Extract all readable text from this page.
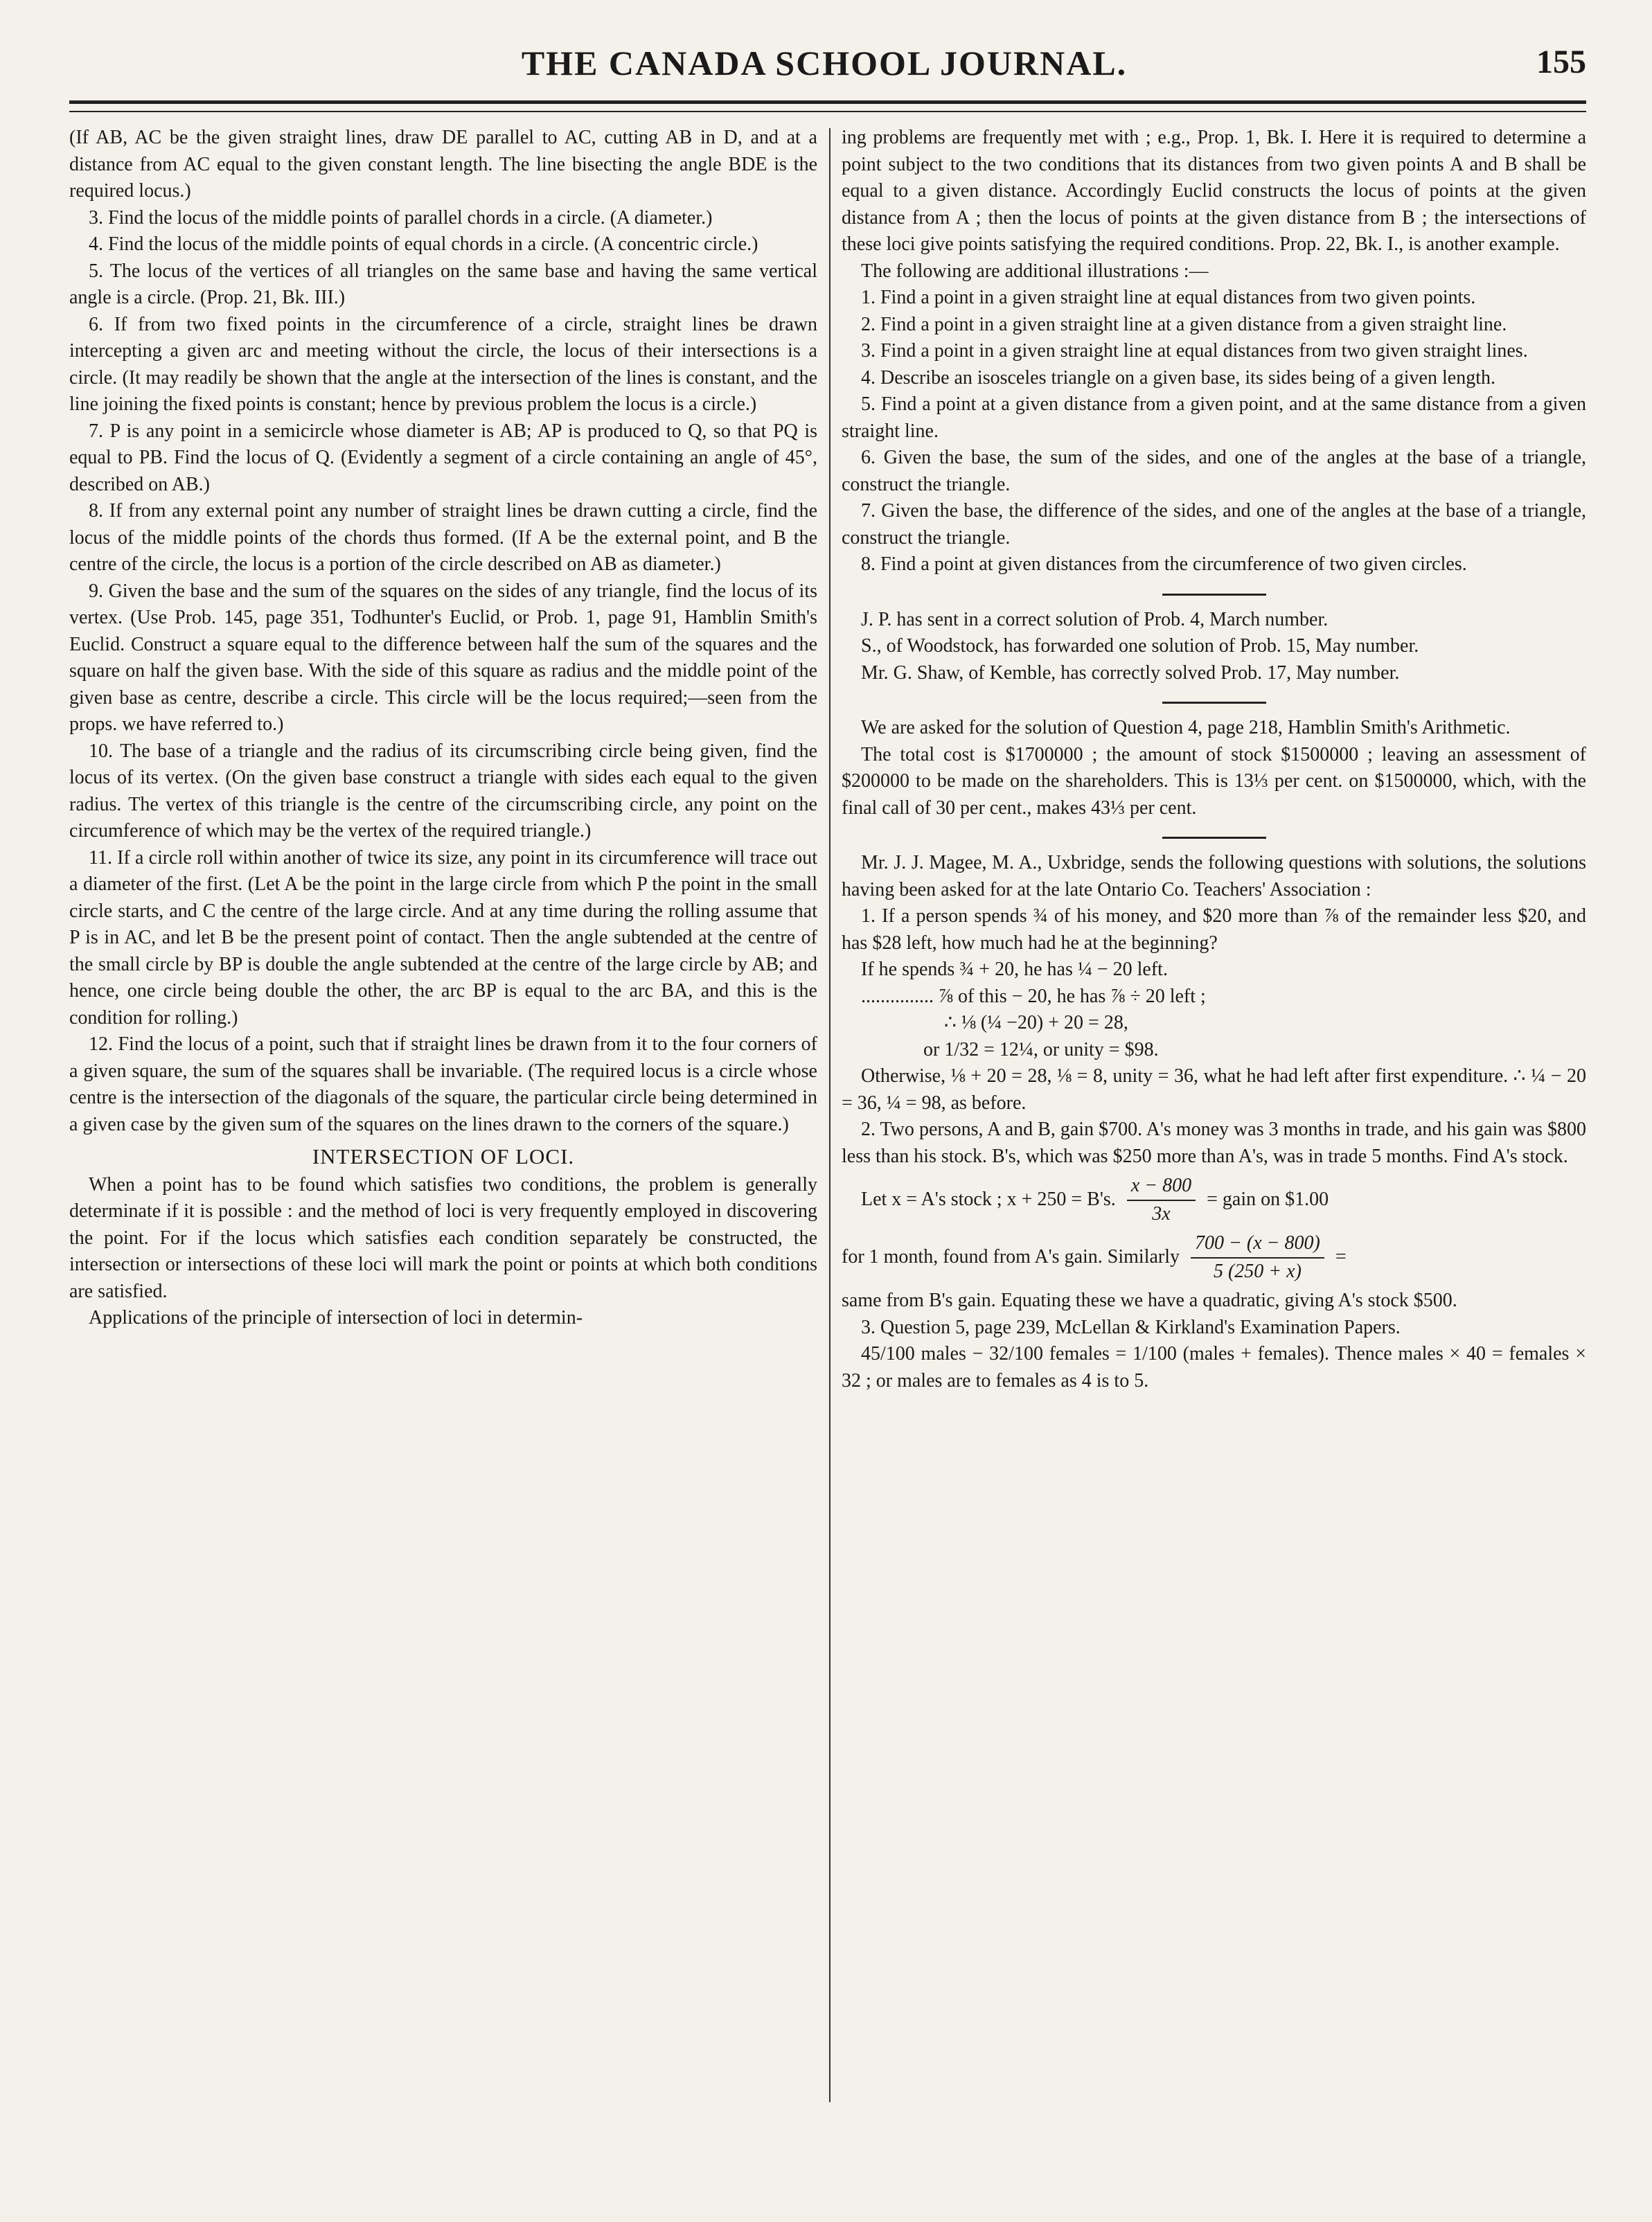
THE CANADA SCHOOL JOURNAL.	155

(If AB, AC be the given straight lines, draw DE parallel to AC, cutting AB in D, and at a distance from AC equal to the given constant length. The line bisecting the angle BDE is the required locus.)

3. Find the locus of the middle points of parallel chords in a circle. (A diameter.)

4. Find the locus of the middle points of equal chords in a circle. (A concentric circle.)

5. The locus of the vertices of all triangles on the same base and having the same vertical angle is a circle. (Prop. 21, Bk. III.)

6. If from two fixed points in the circumference of a circle, straight lines be drawn intercepting a given arc and meeting without the circle, the locus of their intersections is a circle. (It may readily be shown that the angle at the intersection of the lines is constant, and the line joining the fixed points is constant; hence by previous problem the locus is a circle.)

7. P is any point in a semicircle whose diameter is AB; AP is produced to Q, so that PQ is equal to PB. Find the locus of Q. (Evidently a segment of a circle containing an angle of 45°, described on AB.)

8. If from any external point any number of straight lines be drawn cutting a circle, find the locus of the middle points of the chords thus formed. (If A be the external point, and B the centre of the circle, the locus is a portion of the circle described on AB as diameter.)

9. Given the base and the sum of the squares on the sides of any triangle, find the locus of its vertex. (Use Prob. 145, page 351, Todhunter's Euclid, or Prob. 1, page 91, Hamblin Smith's Euclid. Construct a square equal to the difference between half the sum of the squares and the square on half the given base. With the side of this square as radius and the middle point of the given base as centre, describe a circle. This circle will be the locus required;—seen from the props. we have referred to.)

10. The base of a triangle and the radius of its circumscribing circle being given, find the locus of its vertex. (On the given base construct a triangle with sides each equal to the given radius. The vertex of this triangle is the centre of the circumscribing circle, any point on the circumference of which may be the vertex of the required triangle.)

11. If a circle roll within another of twice its size, any point in its circumference will trace out a diameter of the first. (Let A be the point in the large circle from which P the point in the small circle starts, and C the centre of the large circle. And at any time during the rolling assume that P is in AC, and let B be the present point of contact. Then the angle subtended at the centre of the small circle by BP is double the angle subtended at the centre of the large circle by AB; and hence, one circle being double the other, the arc BP is equal to the arc BA, and this is the condition for rolling.)

12. Find the locus of a point, such that if straight lines be drawn from it to the four corners of a given square, the sum of the squares shall be invariable. (The required locus is a circle whose centre is the intersection of the diagonals of the square, the particular circle being determined in a given case by the given sum of the squares on the lines drawn to the corners of the square.)

INTERSECTION OF LOCI.

When a point has to be found which satisfies two conditions, the problem is generally determinate if it is possible : and the method of loci is very frequently employed in discovering the point. For if the locus which satisfies each condition separately be constructed, the intersection or intersections of these loci will mark the point or points at which both conditions are satisfied.

Applications of the principle of intersection of loci in determin-

ing problems are frequently met with ; e.g., Prop. 1, Bk. I. Here it is required to determine a point subject to the two conditions that its distances from two given points A and B shall be equal to a given distance. Accordingly Euclid constructs the locus of points at the given distance from A ; then the locus of points at the given distance from B ; the intersections of these loci give points satisfying the required conditions. Prop. 22, Bk. I., is another example.

The following are additional illustrations :—

1. Find a point in a given straight line at equal distances from two given points.

2. Find a point in a given straight line at a given distance from a given straight line.

3. Find a point in a given straight line at equal distances from two given straight lines.

4. Describe an isosceles triangle on a given base, its sides being of a given length.

5. Find a point at a given distance from a given point, and at the same distance from a given straight line.

6. Given the base, the sum of the sides, and one of the angles at the base of a triangle, construct the triangle.

7. Given the base, the difference of the sides, and one of the angles at the base of a triangle, construct the triangle.

8. Find a point at given distances from the circumference of two given circles.

J. P. has sent in a correct solution of Prob. 4, March number.

S., of Woodstock, has forwarded one solution of Prob. 15, May number.

Mr. G. Shaw, of Kemble, has correctly solved Prob. 17, May number.

We are asked for the solution of Question 4, page 218, Hamblin Smith's Arithmetic.

The total cost is $1700000 ; the amount of stock $1500000 ; leaving an assessment of $200000 to be made on the shareholders. This is 13⅓ per cent. on $1500000, which, with the final call of 30 per cent., makes 43⅓ per cent.

Mr. J. J. Magee, M. A., Uxbridge, sends the following questions with solutions, the solutions having been asked for at the late Ontario Co. Teachers' Association :

1. If a person spends ¾ of his money, and $20 more than ⅞ of the remainder less $20, and has $28 left, how much had he at the beginning?

If he spends ¾ + 20, he has ¼ − 20 left.

............... ⅞ of this − 20, he has ⅞ ÷ 20 left ;

∴ ⅛ (¼ −20) + 20 = 28,

or 1/32 = 12¼, or unity = $98.

Otherwise, ⅛ + 20 = 28, ⅛ = 8, unity = 36, what he had left after first expenditure. ∴ ¼ − 20 = 36, ¼ = 98, as before.

2. Two persons, A and B, gain $700. A's money was 3 months in trade, and his gain was $800 less than his stock. B's, which was $250 more than A's, was in trade 5 months. Find A's stock.

Let x = A's stock ; x + 250 = B's. $\frac{x - 800}{3x}$ = gain on $1.00
for 1 month, found from A's gain. Similarly $\frac{700 - (x - 800)}{5 (250 + x)}$ =

same from B's gain. Equating these we have a quadratic, giving A's stock $500.

3. Question 5, page 239, McLellan & Kirkland's Examination Papers.

45/100 males − 32/100 females = 1/100 (males + females). Thence males × 40 = females × 32 ; or males are to females as 4 is to 5.
